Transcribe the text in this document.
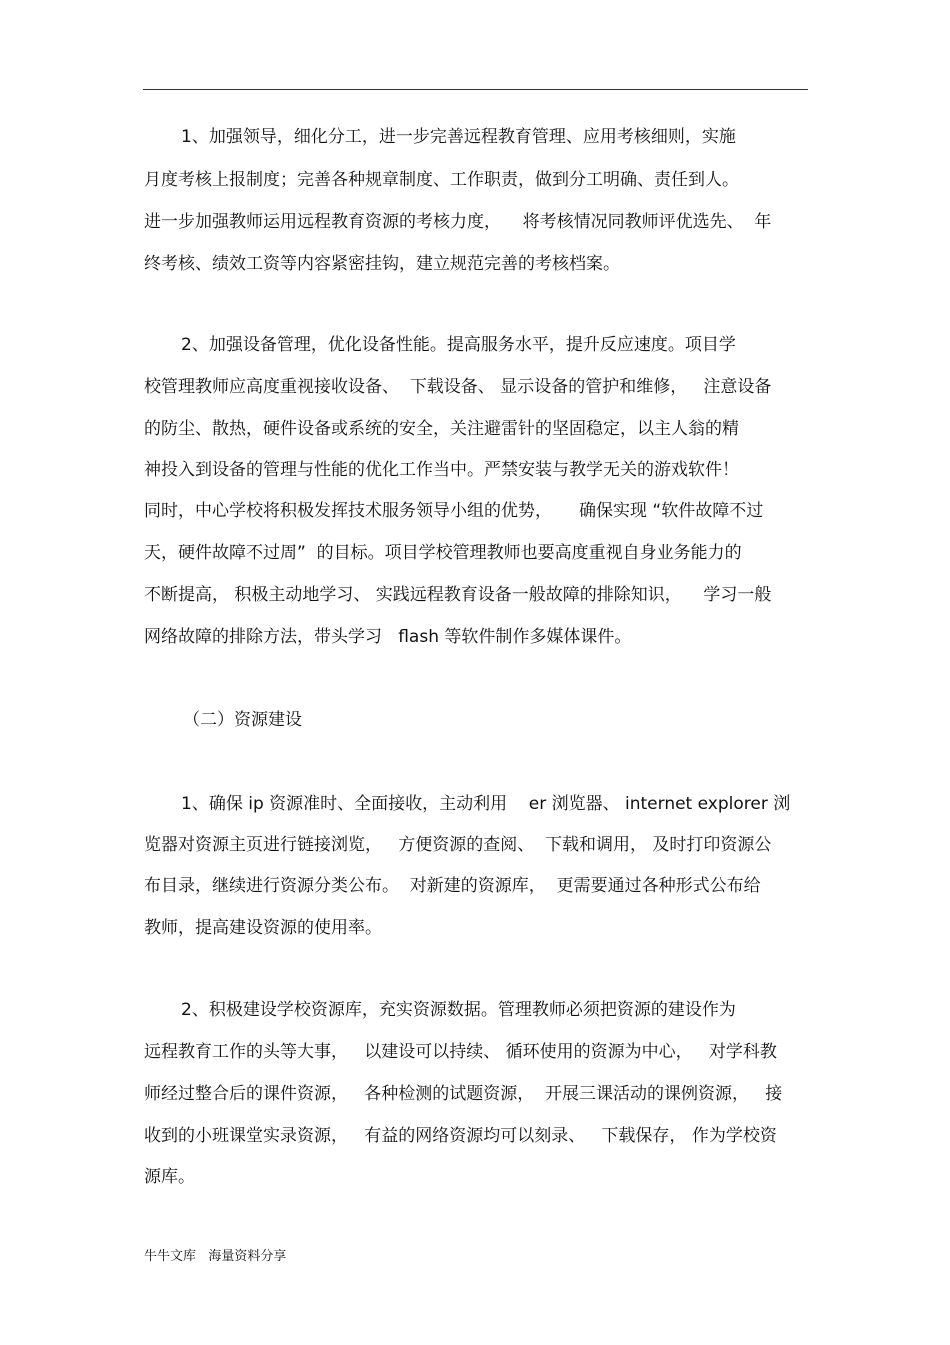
1、加强领导，细化分工，进一步完善远程教育管理、应用考核细则，实施
月度考核上报制度；完善各种规章制度、工作职责，做到分工明确、责任到人。
进一步加强教师运用远程教育资源的考核力度，    将考核情况同教师评优选先、  年
终考核、绩效工资等内容紧密挂钩，建立规范完善的考核档案。
2、加强设备管理，优化设备性能。提高服务水平，提升反应速度。项目学
校管理教师应高度重视接收设备、  下载设备、 显示设备的管护和维修，   注意设备
的防尘、散热，硬件设备或系统的安全，关注避雷针的坚固稳定，以主人翁的精
神投入到设备的管理与性能的优化工作当中。严禁安装与教学无关的游戏软件！
同时，中心学校将积极发挥技术服务领导小组的优势，     确保实现 “软件故障不过
天，硬件故障不过周”  的目标。项目学校管理教师也要高度重视自身业务能力的
不断提高， 积极主动地学习、 实践远程教育设备一般故障的排除知识，    学习一般
网络故障的排除方法，带头学习   flash 等软件制作多媒体课件。
（二）资源建设
1、确保 ip 资源准时、全面接收，主动利用    er 浏览器、 internet explorer 浏
览器对资源主页进行链接浏览，   方便资源的查阅、  下载和调用， 及时打印资源公
布目录，继续进行资源分类公布。  对新建的资源库，  更需要通过各种形式公布给
教师，提高建设资源的使用率。
2、积极建设学校资源库，充实资源数据。管理教师必须把资源的建设作为
远程教育工作的头等大事，   以建设可以持续、 循环使用的资源为中心，   对学科教
师经过整合后的课件资源，   各种检测的试题资源，  开展三课活动的课例资源，   接
收到的小班课堂实录资源，   有益的网络资源均可以刻录、   下载保存， 作为学校资
源库。
牛牛文库   海量资料分享
